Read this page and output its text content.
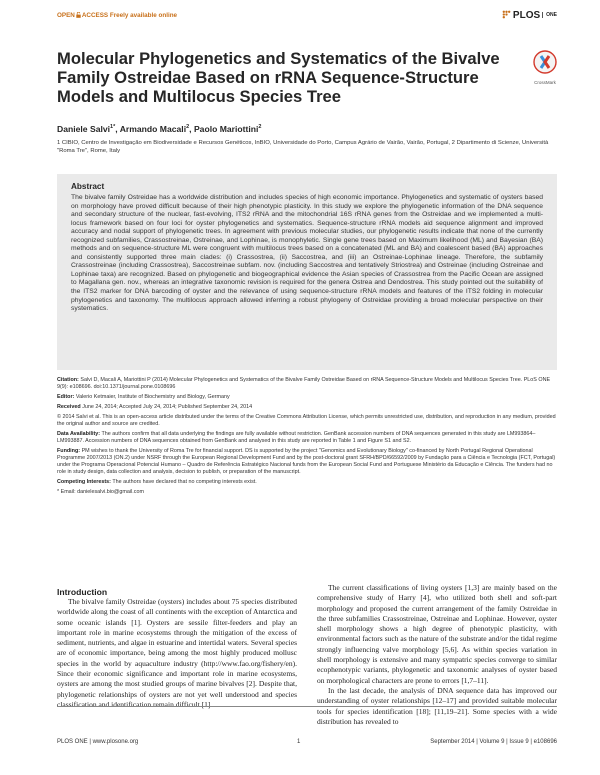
OPEN ACCESS Freely available online	PLOS $^{ONE}$
Molecular Phylogenetics and Systematics of the Bivalve Family Ostreidae Based on rRNA Sequence-Structure Models and Multilocus Species Tree
CrossMark
Daniele Salvi$^{1*}$, Armando Macali$^2$, Paolo Mariottini$^2$
1 CIBIO, Centro de Investigação em Biodiversidade e Recursos Genéticos, InBIO, Universidade do Porto, Campus Agrário de Vairão, Vairão, Portugal, 2 Dipartimento di Scienze, Università "Roma Tre", Rome, Italy
Abstract
The bivalve family Ostreidae has a worldwide distribution and includes species of high economic importance. Phylogenetics and systematic of oysters based on morphology have proved difficult because of their high phenotypic plasticity. In this study we explore the phylogenetic information of the DNA sequence and secondary structure of the nuclear, fast-evolving, ITS2 rRNA and the mitochondrial 16S rRNA genes from the Ostreidae and we implemented a multi-locus framework based on four loci for oyster phylogenetics and systematics. Sequence-structure rRNA models aid sequence alignment and improved accuracy and nodal support of phylogenetic trees. In agreement with previous molecular studies, our phylogenetic results indicate that none of the currently recognized subfamilies, Crassostreinae, Ostreinae, and Lophinae, is monophyletic. Single gene trees based on Maximum likelihood (ML) and Bayesian (BA) methods and on sequence-structure ML were congruent with multilocus trees based on a concatenated (ML and BA) and coalescent based (BA) approaches and consistently supported three main clades: (i) Crassostrea, (ii) Saccostrea, and (iii) an Ostreinae-Lophinae lineage. Therefore, the subfamily Crassostreinae (including Crassostrea), Saccostreinae subfam. nov. (including Saccostrea and tentatively Striostrea) and Ostreinae (including Ostreinae and Lophinae taxa) are recognized. Based on phylogenetic and biogeographical evidence the Asian species of Crassostrea from the Pacific Ocean are assigned to Magallana gen. nov., whereas an integrative taxonomic revision is required for the genera Ostrea and Dendostrea. This study pointed out the suitability of the ITS2 marker for DNA barcoding of oyster and the relevance of using sequence-structure rRNA models and features of the ITS2 folding in molecular phylogenetics and taxonomy. The multilocus approach allowed inferring a robust phylogeny of Ostreidae providing a broad molecular perspective on their systematics.
Citation: Salvi D, Macali A, Mariottini P (2014) Molecular Phylogenetics and Systematics of the Bivalve Family Ostreidae Based on rRNA Sequence-Structure Models and Multilocus Species Tree. PLoS ONE 9(9): e108696. doi:10.1371/journal.pone.0108696
Editor: Valerio Ketmaier, Institute of Biochemistry and Biology, Germany
Received June 24, 2014; Accepted July 24, 2014; Published September 24, 2014
© 2014 Salvi et al. This is an open-access article distributed under the terms of the Creative Commons Attribution License, which permits unrestricted use, distribution, and reproduction in any medium, provided the original author and source are credited.
Data Availability: The authors confirm that all data underlying the findings are fully available without restriction. GenBank accession numbers of DNA sequences generated in this study are LM993864–LM993887. Accession numbers of DNA sequences obtained from GenBank and analysed in this study are reported in Table 1 and Figure S1 and S2.
Funding: PM wishes to thank the University of Roma Tre for financial support. DS is supported by the project "Genomics and Evolutionary Biology" co-financed by North Portugal Regional Operational Programme 2007/2013 (ON.2) under NSRF through the European Regional Development Fund and by the post-doctoral grant SFRH/BPD/66592/2009 by Fundação para a Ciência e Tecnologia (FCT, Portugal) under the Programa Operacional Potencial Humano – Quadro de Referência Estratégico Nacional funds from the European Social Fund and Portuguese Ministério da Educação e Ciência. The funders had no role in study design, data collection and analysis, decision to publish, or preparation of the manuscript.
Competing Interests: The authors have declared that no competing interests exist.
* Email: danielesalvi.bio@gmail.com
Introduction

The bivalve family Ostreidae (oysters) includes about 75 species distributed worldwide along the coast of all continents with the exception of Antarctica and some oceanic islands [1]. Oysters are sessile filter-feeders and play an important role in marine ecosystems through the mitigation of the excess of sediment, nutrients, and algae in estuarine and intertidal waters. Several species are of economic importance, being among the most highly produced mollusc species in the world by aquaculture industry (http://www.fao.org/fishery/en). Since their economic significance and important role in marine ecosystems, oysters are among the most studied groups of marine bivalves [2]. Despite that, phylogenetic relationships of oysters are not yet well understood and species classification and identification remain difficult [1].

The current classifications of living oysters [1,3] are mainly based on the comprehensive study of Harry [4], who utilized both shell and soft-part morphology and proposed the current arrangement of the family Ostreidae in the three subfamilies Crassostreinae, Ostreinae and Lophinae. However, oyster shell morphology shows a high degree of phenotypic plasticity, with environmental factors such as the nature of the substrate and/or the tidal regime strongly influencing valve morphology [5,6]. As within species variation in shell morphology is extensive and many sympatric species converge to similar ecophenotypic variants, phylogenetic and taxonomic analyses of oyster based on morphological characters are prone to errors [1,7–11].

In the last decade, the analysis of DNA sequence data has improved our understanding of oyster relationships [12–17] and provided suitable molecular tools for species identification [18]; [11,19–21]. Some species with a wide distribution has revealed to

PLOS ONE | www.plosone.org	1	September 2014 | Volume 9 | Issue 9 | e108696
